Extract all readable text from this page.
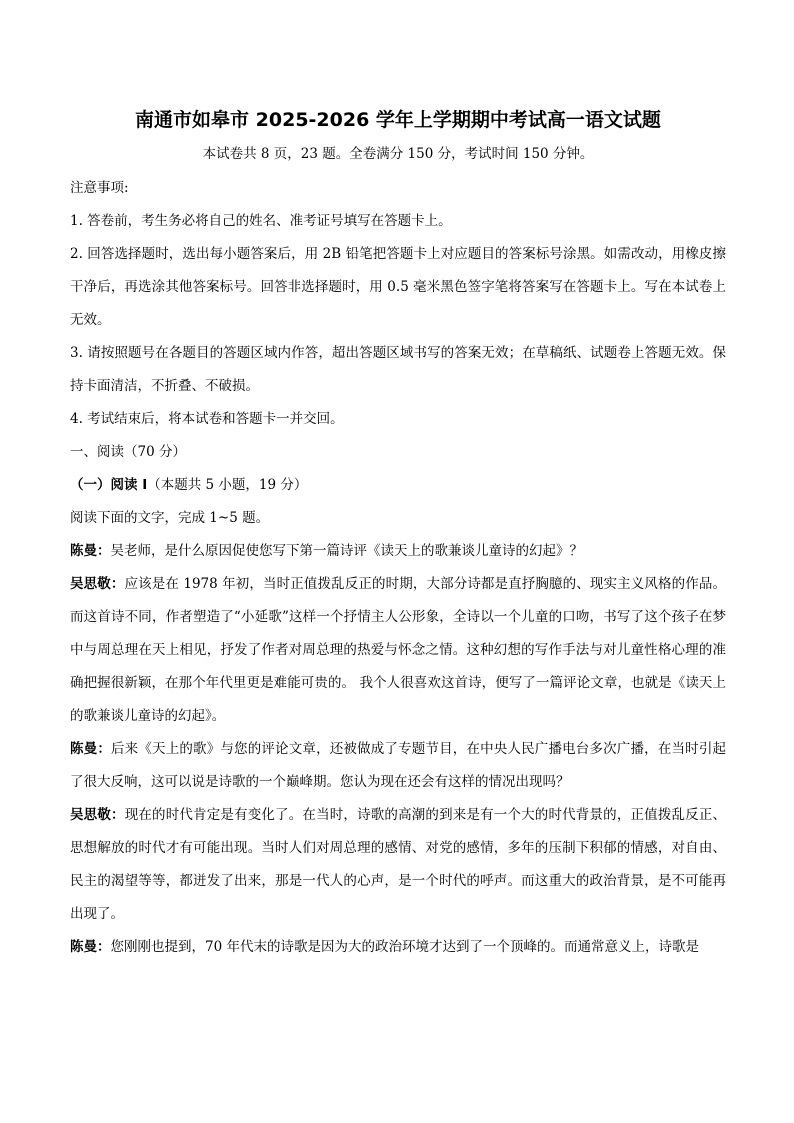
南通市如皋市 2025-2026 学年上学期期中考试高一语文试题

本试卷共 8 页，23 题。全卷满分 150 分，考试时间 150 分钟。

注意事项:

1. 答卷前，考生务必将自己的姓名、准考证号填写在答题卡上。

2. 回答选择题时，选出每小题答案后，用 2B 铅笔把答题卡上对应题目的答案标号涂黑。如需改动，用橡皮擦干净后，再选涂其他答案标号。回答非选择题时，用 0.5 毫米黑色签字笔将答案写在答题卡上。写在本试卷上无效。

3. 请按照题号在各题目的答题区域内作答，超出答题区域书写的答案无效；在草稿纸、试题卷上答题无效。保持卡面清洁，不折叠、不破损。

4. 考试结束后，将本试卷和答题卡一并交回。

一、阅读（70 分）

（一）阅读 I（本题共 5 小题，19 分）

阅读下面的文字，完成 1~5 题。

陈曼：吴老师，是什么原因促使您写下第一篇诗评《读天上的歌兼谈儿童诗的幻起》？

吴思敬：应该是在 1978 年初，当时正值拨乱反正的时期，大部分诗都是直抒胸臆的、现实主义风格的作品。而这首诗不同，作者塑造了“小延歌”这样一个抒情主人公形象，全诗以一个儿童的口吻，书写了这个孩子在梦中与周总理在天上相见，抒发了作者对周总理的热爱与怀念之情。这种幻想的写作手法与对儿童性格心理的准确把握很新颖，在那个年代里更是难能可贵的。 我个人很喜欢这首诗，便写了一篇评论文章，也就是《读天上的歌兼谈儿童诗的幻起》。

陈曼：后来《天上的歌》与您的评论文章，还被做成了专题节目，在中央人民广播电台多次广播，在当时引起了很大反响，这可以说是诗歌的一个巅峰期。您认为现在还会有这样的情况出现吗？

吴思敬：现在的时代肯定是有变化了。在当时，诗歌的高潮的到来是有一个大的时代背景的，正值拨乱反正、思想解放的时代才有可能出现。当时人们对周总理的感情、对党的感情，多年的压制下积郁的情感，对自由、民主的渴望等等，都迸发了出来，那是一代人的心声，是一个时代的呼声。而这重大的政治背景，是不可能再出现了。

陈曼：您刚刚也提到，70 年代末的诗歌是因为大的政治环境才达到了一个顶峰的。而通常意义上，诗歌是
